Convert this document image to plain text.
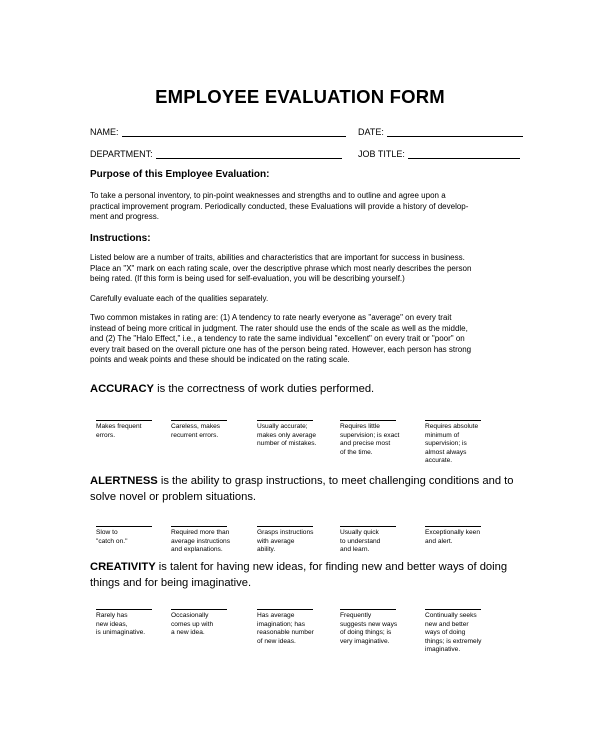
EMPLOYEE EVALUATION FORM
NAME:	DATE:
DEPARTMENT:	JOB TITLE:
Purpose of this Employee Evaluation:
To take a personal inventory, to pin-point weaknesses and strengths and to outline and agree upon a
practical improvement program. Periodically conducted, these Evaluations will provide a history of develop-
ment and progress.
Instructions:
Listed below are a number of traits, abilities and characteristics that are important for success in business.
Place an "X" mark on each rating scale, over the descriptive phrase which most nearly describes the person
being rated. (If this form is being used for self-evaluation, you will be describing yourself.)
Carefully evaluate each of the qualities separately.
Two common mistakes in rating are: (1) A tendency to rate nearly everyone as "average" on every trait
instead of being more critical in judgment. The rater should use the ends of the scale as well as the middle,
and (2) The "Halo Effect," i.e., a tendency to rate the same individual "excellent" on every trait or "poor" on
every trait based on the overall picture one has of the person being rated. However, each person has strong
points and weak points and these should be indicated on the rating scale.
ACCURACY is the correctness of work duties performed.
Makes frequent
errors.
Careless, makes
recurrent errors.
Usually accurate;
makes only average
number of mistakes.
Requires little
supervision; is exact
and precise most
of the time.
Requires absolute
minimum of
supervision; is
almost always
accurate.
ALERTNESS is the ability to grasp instructions, to meet challenging conditions and to solve novel or problem situations.
Slow to
"catch on."
Required more than
average instructions
and explanations.
Grasps instructions
with average
ability.
Usually quick
to understand
and learn.
Exceptionally keen
and alert.
CREATIVITY is talent for having new ideas, for finding new and better ways of doing things and for being imaginative.
Rarely has
new ideas,
is unimaginative.
Occasionally
comes up with
a new idea.
Has average
imagination; has
reasonable number
of new ideas.
Frequently
suggests new ways
of doing things; is
very imaginative.
Continually seeks
new and better
ways of doing
things; is extremely
imaginative.
